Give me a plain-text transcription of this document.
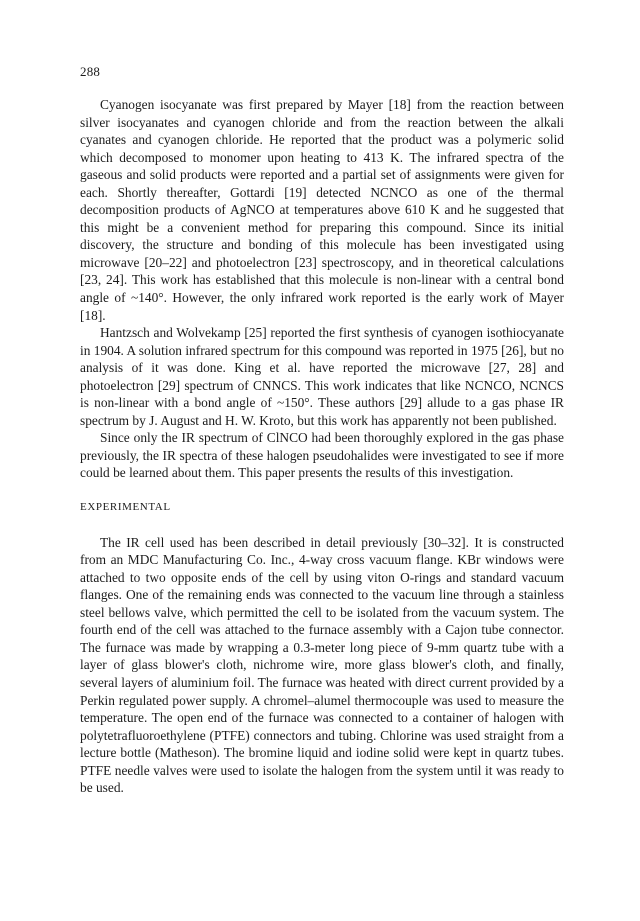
288

Cyanogen isocyanate was first prepared by Mayer [18] from the reaction between silver isocyanates and cyanogen chloride and from the reaction between the alkali cyanates and cyanogen chloride. He reported that the product was a polymeric solid which decomposed to monomer upon heating to 413 K. The infrared spectra of the gaseous and solid products were reported and a partial set of assignments were given for each. Shortly thereafter, Gottardi [19] detected NCNCO as one of the thermal decomposition products of AgNCO at temperatures above 610 K and he suggested that this might be a convenient method for preparing this compound. Since its initial discovery, the structure and bonding of this molecule has been investigated using microwave [20–22] and photoelectron [23] spectroscopy, and in theoretical calculations [23, 24]. This work has established that this molecule is non-linear with a central bond angle of ~140°. However, the only infrared work reported is the early work of Mayer [18].

Hantzsch and Wolvekamp [25] reported the first synthesis of cyanogen isothiocyanate in 1904. A solution infrared spectrum for this compound was reported in 1975 [26], but no analysis of it was done. King et al. have reported the microwave [27, 28] and photoelectron [29] spectrum of CNNCS. This work indicates that like NCNCO, NCNCS is non-linear with a bond angle of ~150°. These authors [29] allude to a gas phase IR spectrum by J. August and H. W. Kroto, but this work has apparently not been published.

Since only the IR spectrum of ClNCO had been thoroughly explored in the gas phase previously, the IR spectra of these halogen pseudohalides were investigated to see if more could be learned about them. This paper presents the results of this investigation.

EXPERIMENTAL

The IR cell used has been described in detail previously [30–32]. It is constructed from an MDC Manufacturing Co. Inc., 4-way cross vacuum flange. KBr windows were attached to two opposite ends of the cell by using viton O-rings and standard vacuum flanges. One of the remaining ends was connected to the vacuum line through a stainless steel bellows valve, which permitted the cell to be isolated from the vacuum system. The fourth end of the cell was attached to the furnace assembly with a Cajon tube connector. The furnace was made by wrapping a 0.3-meter long piece of 9-mm quartz tube with a layer of glass blower's cloth, nichrome wire, more glass blower's cloth, and finally, several layers of aluminium foil. The furnace was heated with direct current provided by a Perkin regulated power supply. A chromel–alumel thermocouple was used to measure the temperature. The open end of the furnace was connected to a container of halogen with polytetrafluoroethylene (PTFE) connectors and tubing. Chlorine was used straight from a lecture bottle (Matheson). The bromine liquid and iodine solid were kept in quartz tubes. PTFE needle valves were used to isolate the halogen from the system until it was ready to be used.
